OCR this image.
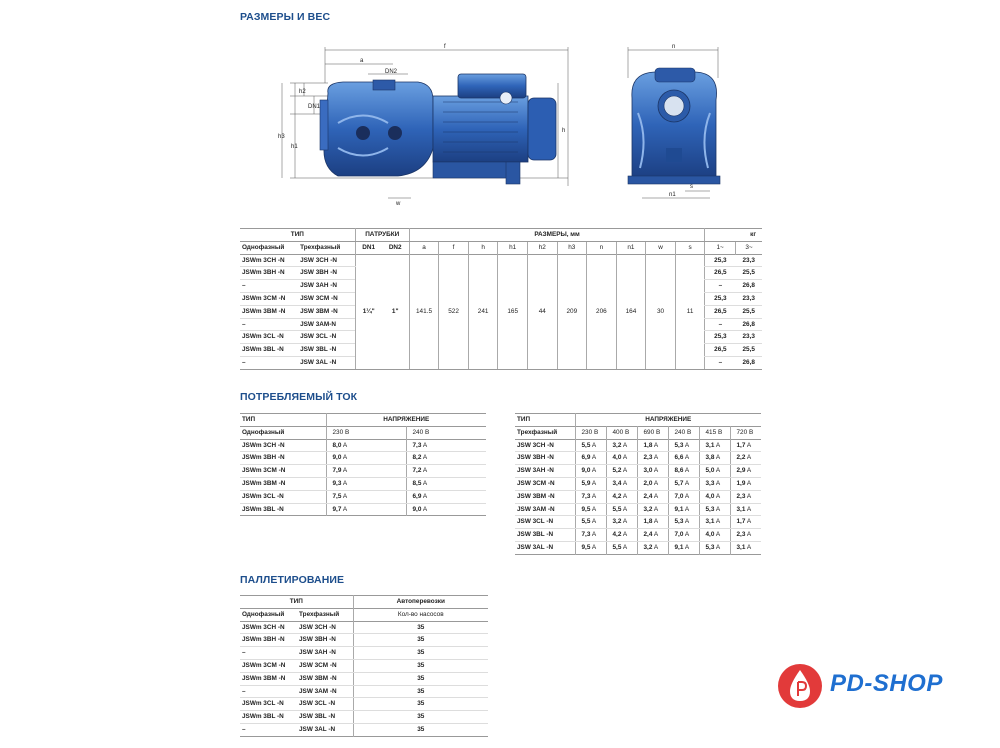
РАЗМЕРЫ И ВЕС
ПОТРЕБЛЯЕМЫЙ ТОК
ПАЛЛЕТИРОВАНИЕ
f
a
DN2
h3
h1
h2
DN1
h
w
n
n1
s
ТИП		ПАТРУБКИ		РАЗМЕРЫ, мм										кг	
Однофазный	Трехфазный	DN1	DN2	a	f	h	h1	h2	h3	n	n1	w	s	1~	3~
JSWm 3CH -N	JSW 3CH -N	1¼"	1"	141.5	522	241	165	44	209	206	164	30	11	25,3	23,3
JSWm 3BH -N	JSW 3BH -N													26,5	25,5
–	JSW 3AH -N													–	26,8
JSWm 3CM -N	JSW 3CM -N													25,3	23,3
JSWm 3BM -N	JSW 3BM -N													26,5	25,5
–	JSW 3AM-N													–	26,8
JSWm 3CL -N	JSW 3CL -N													25,3	23,3
JSWm 3BL -N	JSW 3BL -N													26,5	25,5
–	JSW 3AL -N													–	26,8
ТИП	НАПРЯЖЕНИЕ	
Однофазный	230 В	240 В
JSWm 3CH -N	8,0 A	7,3 A
JSWm 3BH -N	9,0 A	8,2 A
JSWm 3CM -N	7,9 A	7,2 A
JSWm 3BM -N	9,3 A	8,5 A
JSWm 3CL -N	7,5 A	6,9 A
JSWm 3BL -N	9,7 A	9,0 A
ТИП	НАПРЯЖЕНИЕ					
Трехфазный	230 В	400 В	690 В	240 В	415 В	720 В
JSW 3CH -N	5,5 A	3,2 A	1,8 A	5,3 A	3,1 A	1,7 A
JSW 3BH -N	6,9 A	4,0 A	2,3 A	6,6 A	3,8 A	2,2 A
JSW 3AH -N	9,0 A	5,2 A	3,0 A	8,6 A	5,0 A	2,9 A
JSW 3CM -N	5,9 A	3,4 A	2,0 A	5,7 A	3,3 A	1,9 A
JSW 3BM -N	7,3 A	4,2 A	2,4 A	7,0 A	4,0 A	2,3 A
JSW 3AM -N	9,5 A	5,5 A	3,2 A	9,1 A	5,3 A	3,1 A
JSW 3CL -N	5,5 A	3,2 A	1,8 A	5,3 A	3,1 A	1,7 A
JSW 3BL -N	7,3 A	4,2 A	2,4 A	7,0 A	4,0 A	2,3 A
JSW 3AL -N	9,5 A	5,5 A	3,2 A	9,1 A	5,3 A	3,1 A
ТИП		Автоперевозки
Однофазный	Трехфазный	Кол-во насосов
JSWm 3CH -N	JSW 3CH -N	35
JSWm 3BH -N	JSW 3BH -N	35
–	JSW 3AH -N	35
JSWm 3CM -N	JSW 3CM -N	35
JSWm 3BM -N	JSW 3BM -N	35
–	JSW 3AM -N	35
JSWm 3CL -N	JSW 3CL -N	35
JSWm 3BL -N	JSW 3BL -N	35
–	JSW 3AL -N	35
PD-SHOP
